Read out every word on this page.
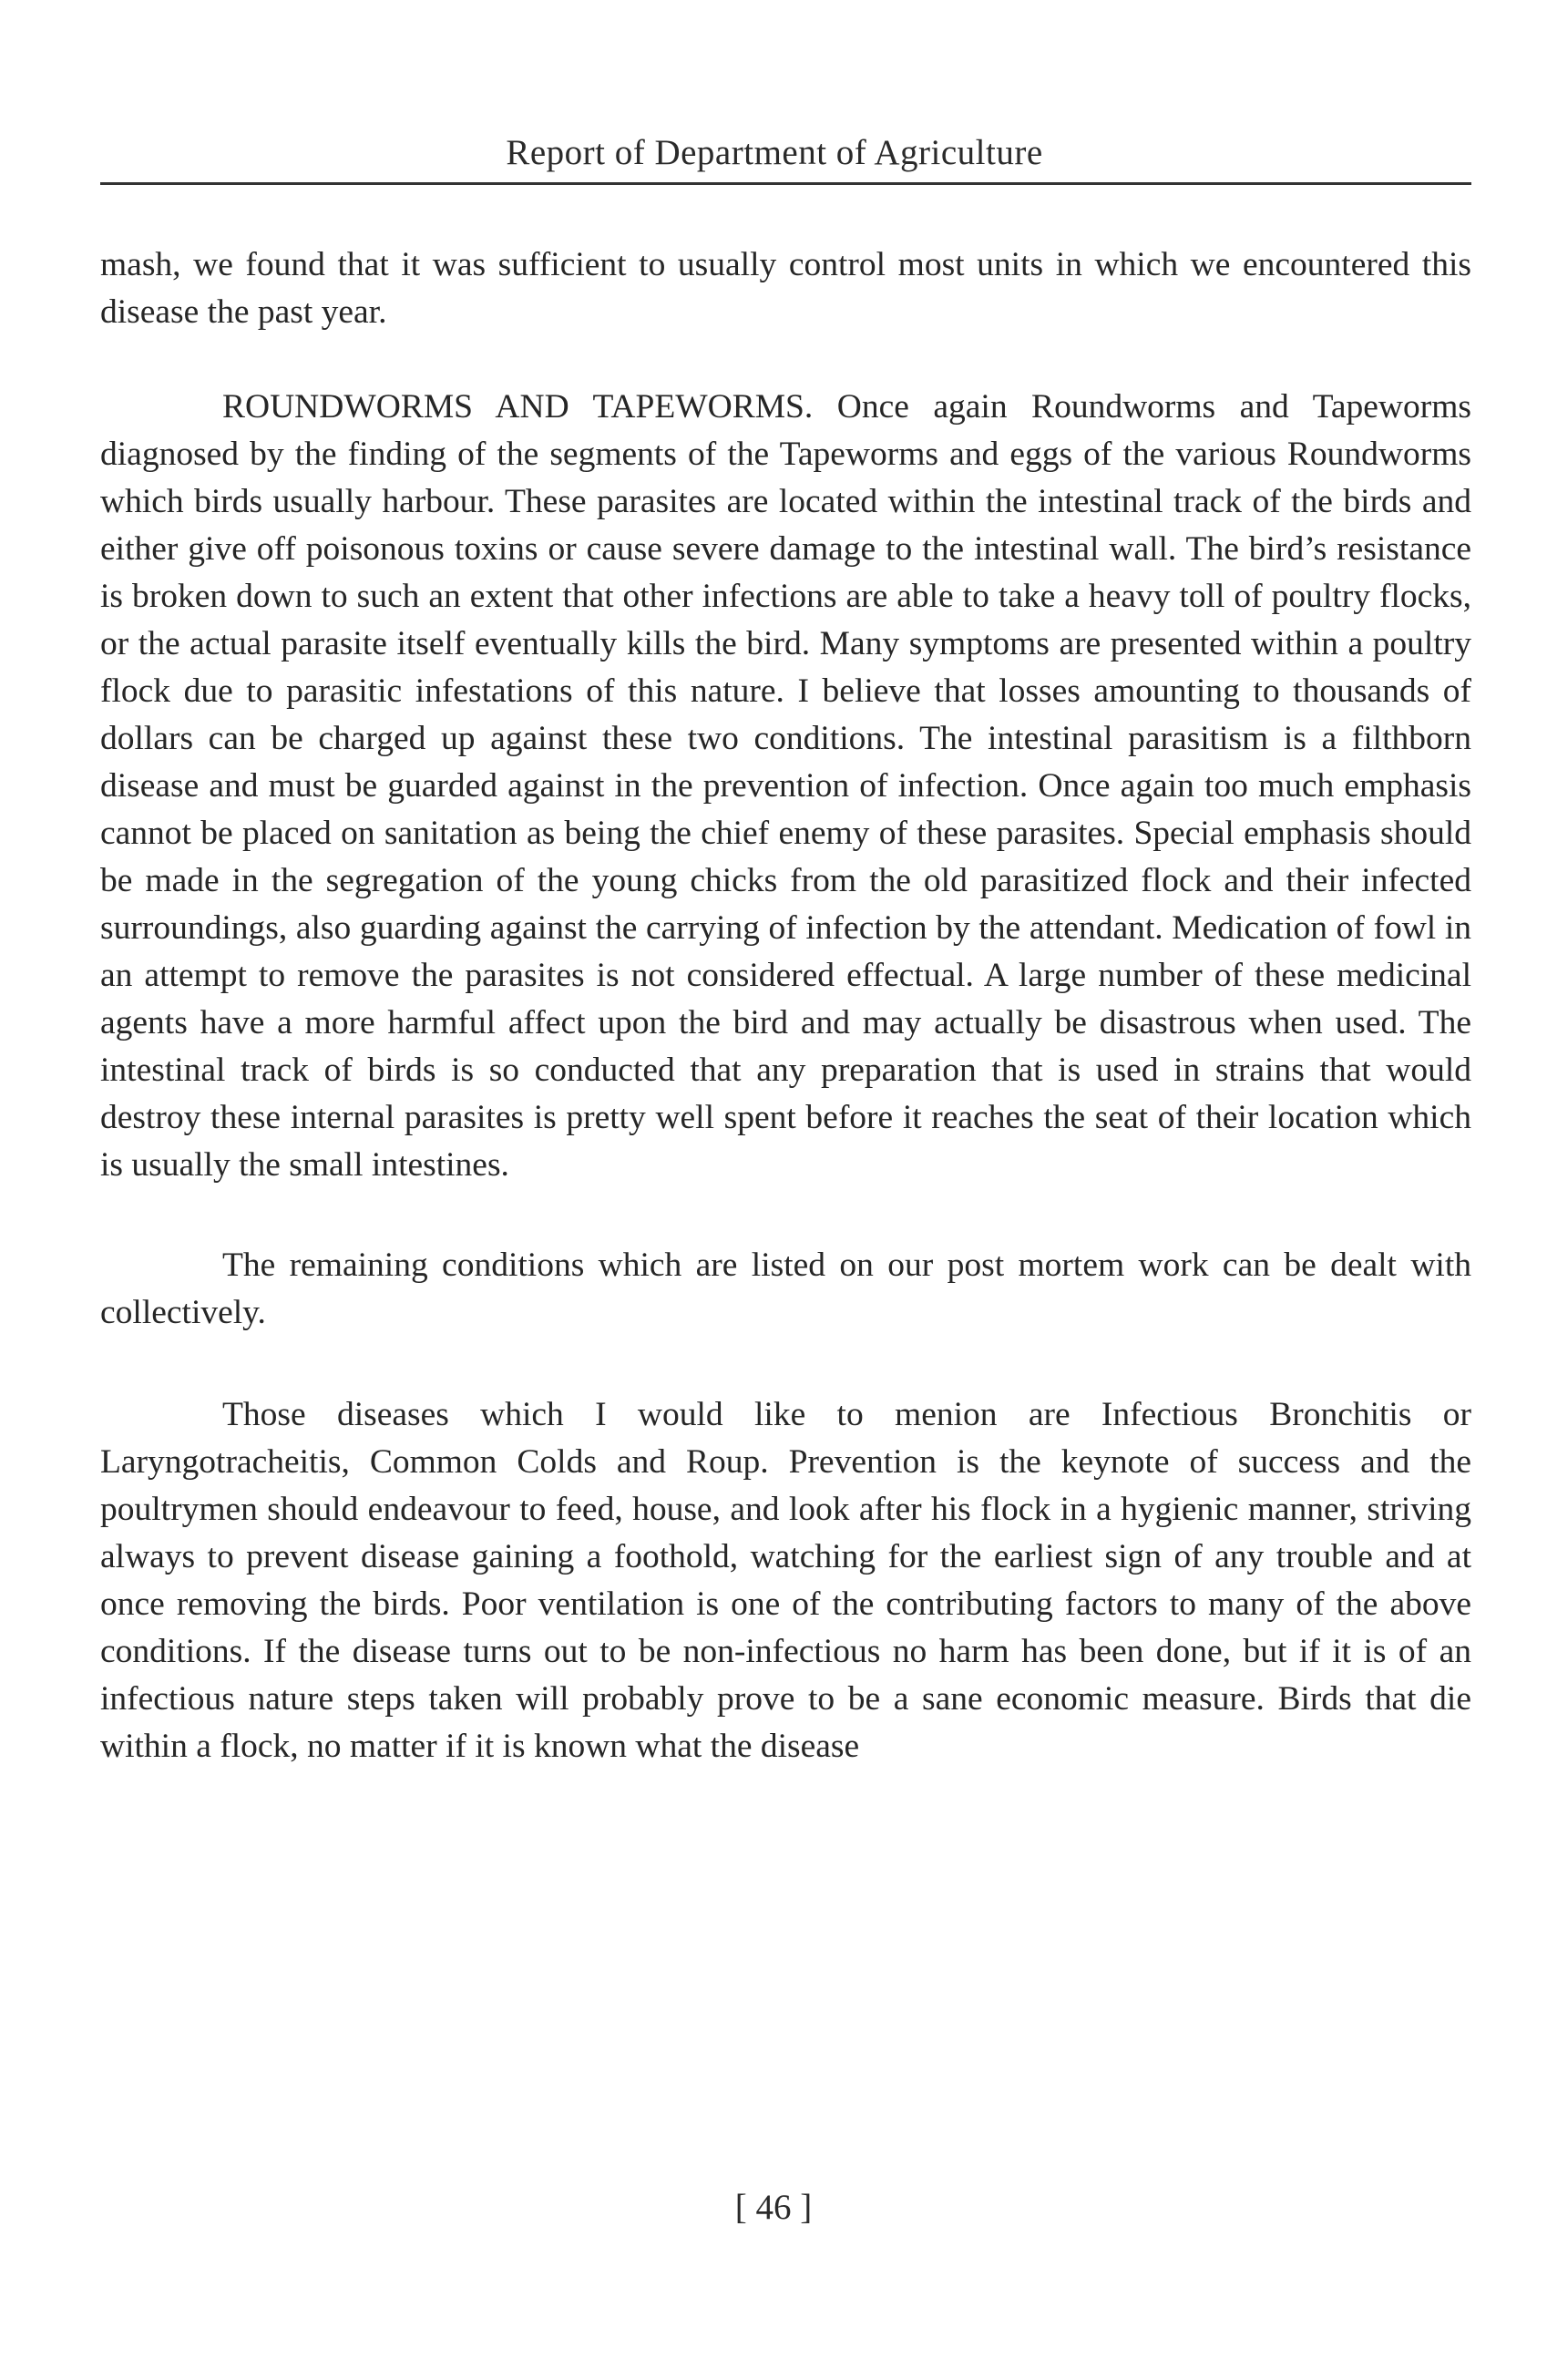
Report of Department of Agriculture

mash, we found that it was sufficient to usually control most units in which we encountered this disease the past year.

ROUNDWORMS AND TAPEWORMS. Once again Roundworms and Tapeworms diagnosed by the finding of the segments of the Tapeworms and eggs of the various Roundworms which birds usually harbour. These parasites are located within the intestinal track of the birds and either give off poisonous toxins or cause severe damage to the intestinal wall. The bird’s resistance is broken down to such an extent that other infections are able to take a heavy toll of poultry flocks, or the actual parasite itself eventually kills the bird. Many symptoms are presented within a poultry flock due to parasitic infestations of this nature. I believe that losses amounting to thousands of dollars can be charged up against these two conditions. The intestinal parasitism is a filthborn disease and must be guarded against in the prevention of infection. Once again too much emphasis cannot be placed on sanitation as being the chief enemy of these parasites. Special emphasis should be made in the segregation of the young chicks from the old parasitized flock and their infected surroundings, also guarding against the carrying of infection by the attendant. Medication of fowl in an attempt to remove the parasites is not considered effectual. A large number of these medicinal agents have a more harmful affect upon the bird and may actually be disastrous when used. The intestinal track of birds is so conducted that any preparation that is used in strains that would destroy these internal parasites is pretty well spent before it reaches the seat of their location which is usually the small intestines.

The remaining conditions which are listed on our post mortem work can be dealt with collectively.

Those diseases which I would like to menion are Infectious Bronchitis or Laryngotracheitis, Common Colds and Roup. Prevention is the keynote of success and the poultrymen should endeavour to feed, house, and look after his flock in a hygienic manner, striving always to prevent disease gaining a foothold, watching for the earliest sign of any trouble and at once removing the birds. Poor ventilation is one of the contributing factors to many of the above conditions. If the disease turns out to be non-infectious no harm has been done, but if it is of an infectious nature steps taken will probably prove to be a sane economic measure. Birds that die within a flock, no matter if it is known what the disease

[ 46 ]
